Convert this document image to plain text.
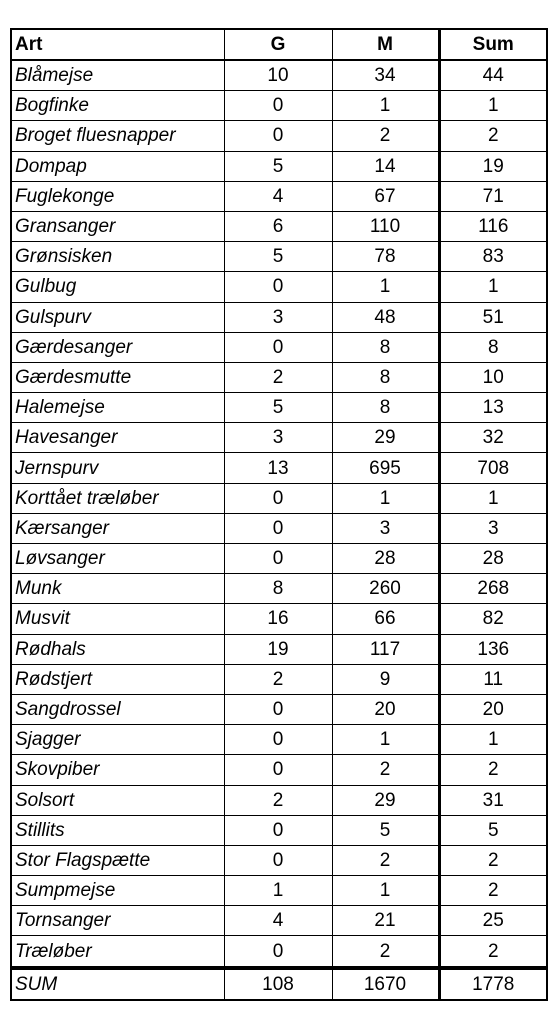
Art	G	M	Sum
Blåmejse	10	34	44
Bogfinke	0	1	1
Broget fluesnapper	0	2	2
Dompap	5	14	19
Fuglekonge	4	67	71
Gransanger	6	110	116
Grønsisken	5	78	83
Gulbug	0	1	1
Gulspurv	3	48	51
Gærdesanger	0	8	8
Gærdesmutte	2	8	10
Halemejse	5	8	13
Havesanger	3	29	32
Jernspurv	13	695	708
Korttået træløber	0	1	1
Kærsanger	0	3	3
Løvsanger	0	28	28
Munk	8	260	268
Musvit	16	66	82
Rødhals	19	117	136
Rødstjert	2	9	11
Sangdrossel	0	20	20
Sjagger	0	1	1
Skovpiber	0	2	2
Solsort	2	29	31
Stillits	0	5	5
Stor Flagspætte	0	2	2
Sumpmejse	1	1	2
Tornsanger	4	21	25
Træløber	0	2	2
SUM	108	1670	1778
